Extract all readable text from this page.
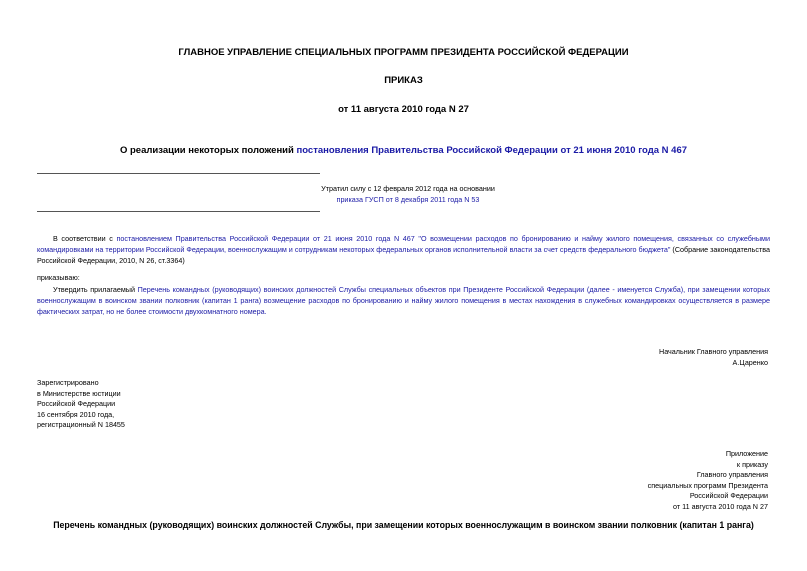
ГЛАВНОЕ УПРАВЛЕНИЕ СПЕЦИАЛЬНЫХ ПРОГРАММ ПРЕЗИДЕНТА РОССИЙСКОЙ ФЕДЕРАЦИИ
ПРИКАЗ
от 11 августа 2010 года N 27
О реализации некоторых положений постановления Правительства Российской Федерации от 21 июня 2010 года N 467
Утратил силу с 12 февраля 2012 года на основании
приказа ГУСП от 8 декабря 2011 года N 53
В соответствии с постановлением Правительства Российской Федерации от 21 июня 2010 года N 467 "О возмещении расходов по бронированию и найму жилого помещения, связанных со служебными командировками на территории Российской Федерации, военнослужащим и сотрудникам некоторых федеральных органов исполнительной власти за счет средств федерального бюджета" (Собрание законодательства Российской Федерации, 2010, N 26, ст.3364)
приказываю:
Утвердить прилагаемый Перечень командных (руководящих) воинских должностей Службы специальных объектов при Президенте Российской Федерации (далее - именуется Служба), при замещении которых военнослужащим в воинском звании полковник (капитан 1 ранга) возмещение расходов по бронированию и найму жилого помещения в местах нахождения в служебных командировках осуществляется в размере фактических затрат, но не более стоимости двухкомнатного номера.
Начальник Главного управления
А.Царенко
Зарегистрировано
в Министерстве юстиции
Российской Федерации
16 сентября 2010 года,
регистрационный N 18455
Приложение
к приказу
Главного управления
специальных программ Президента
Российской Федерации
от 11 августа 2010 года N 27
Перечень командных (руководящих) воинских должностей Службы, при замещении которых военнослужащим в воинском звании полковник (капитан 1 ранга)
